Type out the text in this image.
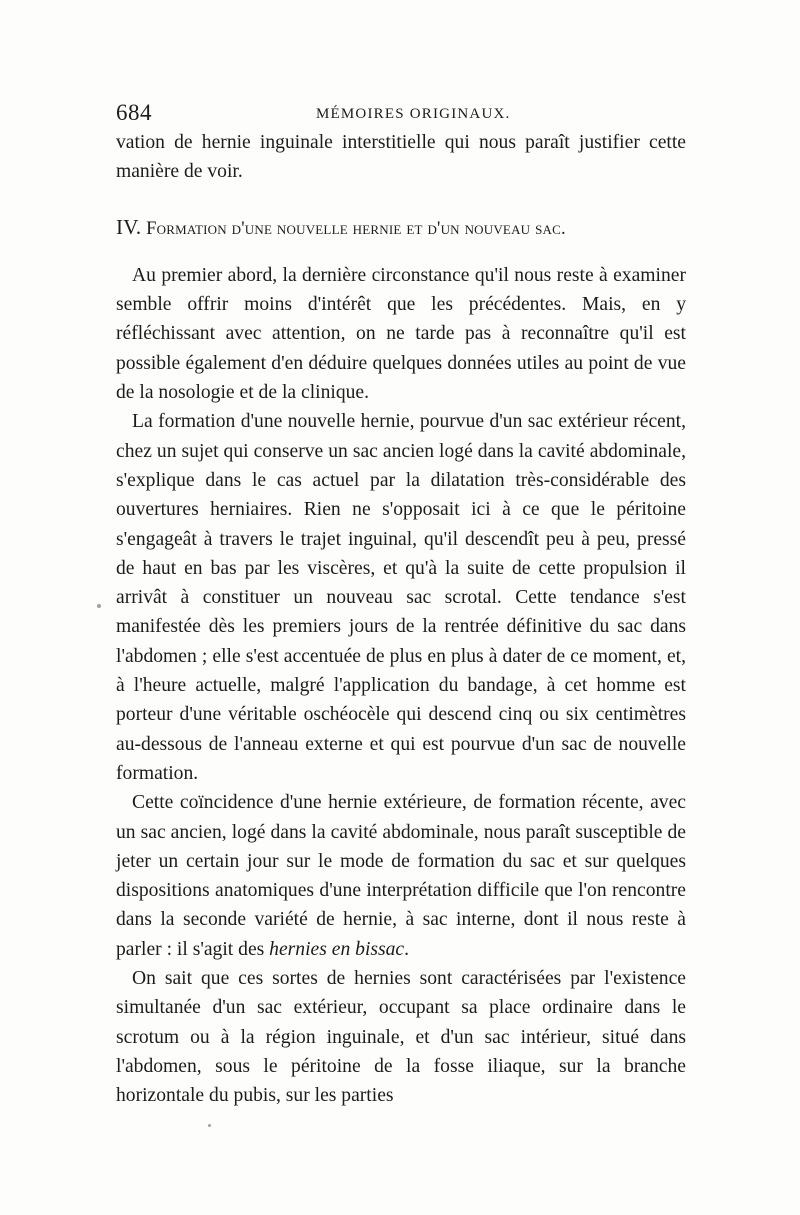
684	MÉMOIRES ORIGINAUX.

vation de hernie inguinale interstitielle qui nous paraît justifier cette manière de voir.

IV. Formation d'une nouvelle hernie et d'un nouveau sac.

Au premier abord, la dernière circonstance qu'il nous reste à examiner semble offrir moins d'intérêt que les précédentes. Mais, en y réfléchissant avec attention, on ne tarde pas à reconnaître qu'il est possible également d'en déduire quelques données utiles au point de vue de la nosologie et de la clinique.

La formation d'une nouvelle hernie, pourvue d'un sac extérieur récent, chez un sujet qui conserve un sac ancien logé dans la cavité abdominale, s'explique dans le cas actuel par la dilatation très-considérable des ouvertures herniaires. Rien ne s'opposait ici à ce que le péritoine s'engageât à travers le trajet inguinal, qu'il descendît peu à peu, pressé de haut en bas par les viscères, et qu'à la suite de cette propulsion il arrivât à constituer un nouveau sac scrotal. Cette tendance s'est manifestée dès les premiers jours de la rentrée définitive du sac dans l'abdomen ; elle s'est accentuée de plus en plus à dater de ce moment, et, à l'heure actuelle, malgré l'application du bandage, à cet homme est porteur d'une véritable oschéocèle qui descend cinq ou six centimètres au-dessous de l'anneau externe et qui est pourvue d'un sac de nouvelle formation.

Cette coïncidence d'une hernie extérieure, de formation récente, avec un sac ancien, logé dans la cavité abdominale, nous paraît susceptible de jeter un certain jour sur le mode de formation du sac et sur quelques dispositions anatomiques d'une interprétation difficile que l'on rencontre dans la seconde variété de hernie, à sac interne, dont il nous reste à parler : il s'agit des hernies en bissac.

On sait que ces sortes de hernies sont caractérisées par l'existence simultanée d'un sac extérieur, occupant sa place ordinaire dans le scrotum ou à la région inguinale, et d'un sac intérieur, situé dans l'abdomen, sous le péritoine de la fosse iliaque, sur la branche horizontale du pubis, sur les parties
